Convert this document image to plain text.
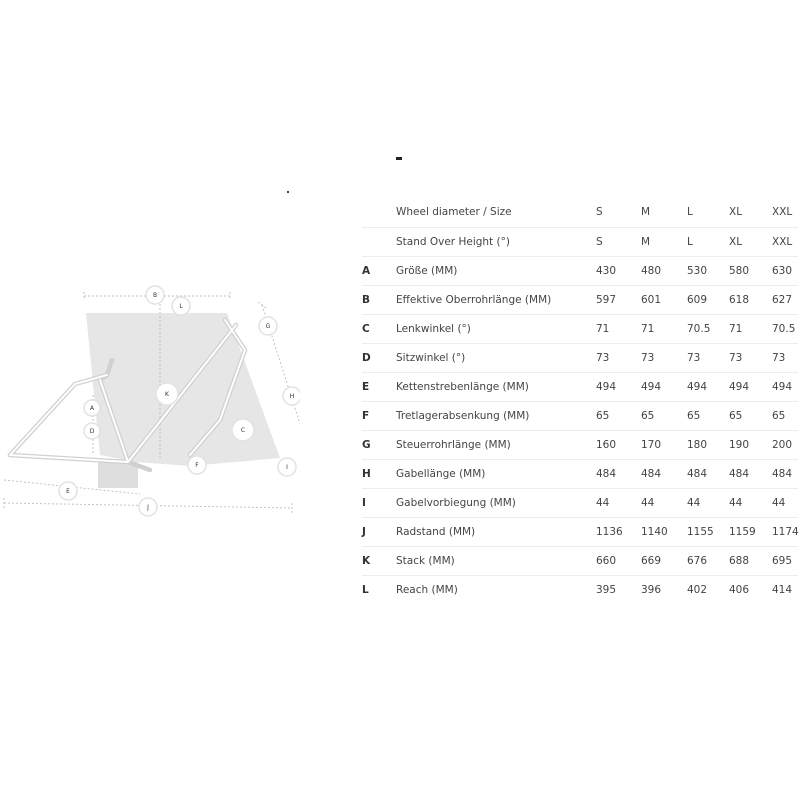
B
L
G
H
K
C
A
D
F	I
E
J
	Wheel diameter / Size	S	M	L	XL	XXL
	Stand Over Height (°)	S	M	L	XL	XXL
A	Größe (MM)	430	480	530	580	630
B	Effektive Oberrohrlänge (MM)	597	601	609	618	627
C	Lenkwinkel (°)	71	71	70.5	71	70.5
D	Sitzwinkel (°)	73	73	73	73	73
E	Kettenstrebenlänge (MM)	494	494	494	494	494
F	Tretlagerabsenkung (MM)	65	65	65	65	65
G	Steuerrohrlänge (MM)	160	170	180	190	200
H	Gabellänge (MM)	484	484	484	484	484
I	Gabelvorbiegung (MM)	44	44	44	44	44
J	Radstand (MM)	1136	1140	1155	1159	1174
K	Stack (MM)	660	669	676	688	695
L	Reach (MM)	395	396	402	406	414
